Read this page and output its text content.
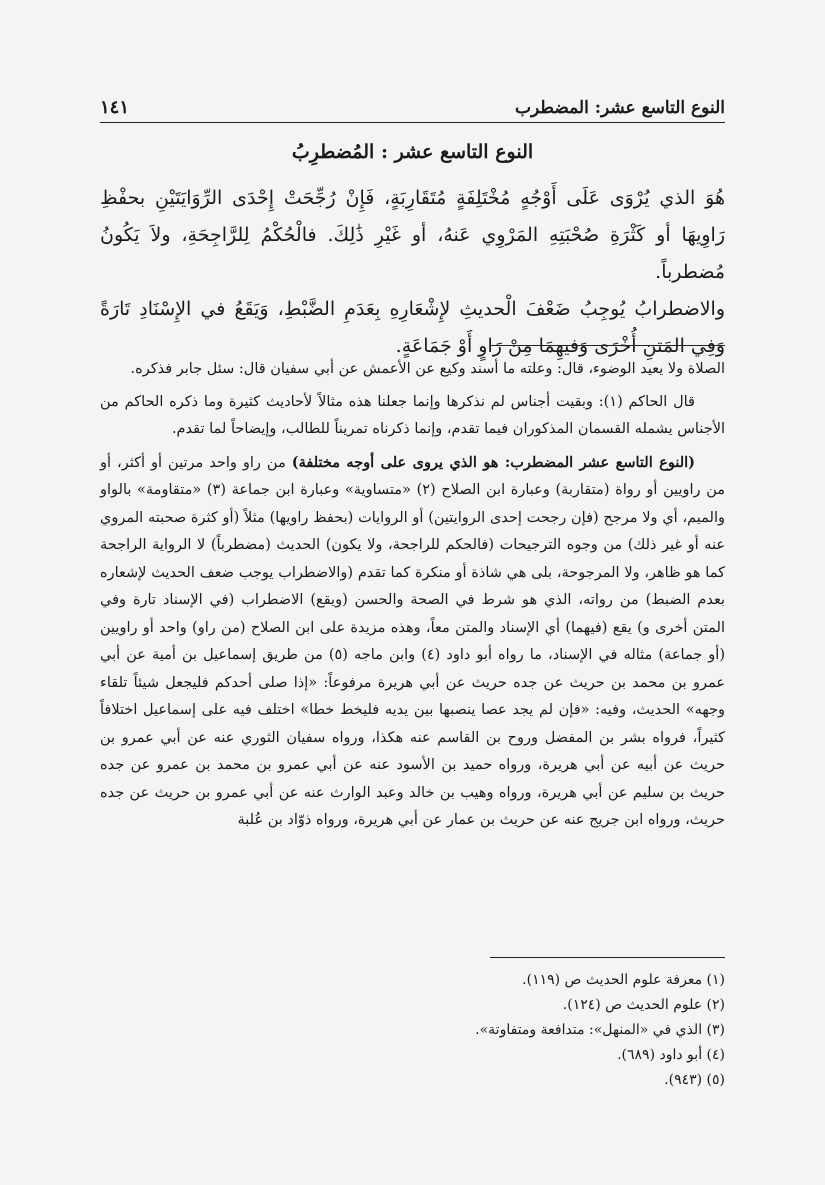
النوع التاسع عشر: المضطرب
١٤١
النوع التاسع عشر : المُضطرِبُ

هُوَ الذي يُرْوَى عَلَى أَوْجُهٍ مُخْتَلِفَةٍ مُتَقَارِبَةٍ، فَإِنْ رُجِّحَتْ إِحْدَى الرِّوَايَتَيْنِ بحفْظِ رَاوِيهَا أو كَثْرَةِ صُحْبَتِهِ المَرْوِي عَنهُ، أو غَيْرِ ذَٰلِكَ. فالْحُكْمُ لِلرَّاجِحَةِ، ولاَ يَكُونُ مُضطرباً.

والاضطرابُ يُوجِبُ ضَعْفَ الْحديثِ لإِشْعَارِهِ بِعَدَمِ الضَّبْطِ، وَيَقَعُ في الإِسْنَادِ تَارَةً وَفِي المَتنِ أُخْرَى وَفيهِمَا مِنْ رَاوٍ أَوْ جَمَاعَةٍ.

الصلاة ولا يعيد الوضوء، قال: وعلته ما أسند وكيع عن الأعمش عن أبي سفيان قال: سئل جابر فذكره.

قال الحاكم (١): وبقيت أجناس لم نذكرها وإنما جعلنا هذه مثالاً لأحاديث كثيرة وما ذكره الحاكم من الأجناس يشمله القسمان المذكوران فيما تقدم، وإنما ذكرناه تمريناً للطالب، وإيضاحاً لما تقدم.

(النوع التاسع عشر المضطرب: هو الذي يروى على أوجه مختلفة) من راو واحد مرتين أو أكثر، أو من راويين أو رواة (متقاربة) وعبارة ابن الصلاح (٢) «متساوية» وعبارة ابن جماعة (٣) «متقاومة» بالواو والميم، أي ولا مرجح (فإن رجحت إحدى الروايتين) أو الروايات (بحفظ راويها) مثلاً (أو كثرة صحبته المروي عنه أو غير ذلك) من وجوه الترجيحات (فالحكم للراجحة، ولا يكون) الحديث (مضطرباً) لا الرواية الراجحة كما هو ظاهر، ولا المرجوحة، بلى هي شاذة أو منكرة كما تقدم (والاضطراب يوجب ضعف الحديث لإشعاره بعدم الضبط) من رواته، الذي هو شرط في الصحة والحسن (ويقع) الاضطراب (في الإسناد تارة وفي المتن أخرى و) يقع (فيهما) أي الإسناد والمتن معاً، وهذه مزيدة على ابن الصلاح (من راو) واحد أو راويين (أو جماعة) مثاله في الإسناد، ما رواه أبو داود (٤) وابن ماجه (٥) من طريق إسماعيل بن أمية عن أبي عمرو بن محمد بن حريث عن جده حريث عن أبي هريرة مرفوعاً: «إذا صلى أحدكم فليجعل شيئاً تلقاء وجهه» الحديث، وفيه: «فإن لم يجد عصا ينصبها بين يديه فليخط خطا» اختلف فيه على إسماعيل اختلافاً كثيراً، فرواه بشر بن المفضل وروح بن القاسم عنه هكذا، ورواه سفيان الثوري عنه عن أبي عمرو بن حريث عن أبيه عن أبي هريرة، ورواه حميد بن الأسود عنه عن أبي عمرو بن محمد بن عمرو عن جده حريث بن سليم عن أبي هريرة، ورواه وهيب بن خالد وعبد الوارث عنه عن أبي عمرو بن حريث عن جده حريث، ورواه ابن جريج عنه عن حريث بن عمار عن أبي هريرة، ورواه ذوّاد بن عُلبة

(١) معرفة علوم الحديث ص (١١٩).
(٢) علوم الحديث ص (١٢٤).
(٣) الذي في «المنهل»: متدافعة ومتفاوتة».
(٤) أبو داود (٦٨٩).
(٥) (٩٤٣).
